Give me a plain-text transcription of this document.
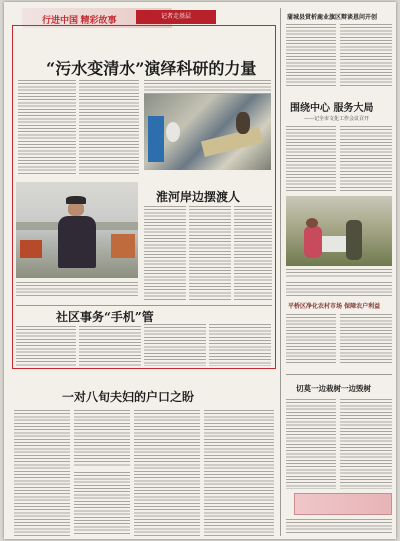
行进中国 精彩故事	记者走基层
“污水变清水”演绎科研的力量
淮河岸边摆渡人
社区事务“手机”管
一对八旬夫妇的户口之盼
蒲城县赏析鹿业旗区辩谈恩问开创
围绕中心 服务大局
——记全市文化工作会议召开
平桥区净化农村市场 保障农户利益
切莫一边栽树一边毁树
